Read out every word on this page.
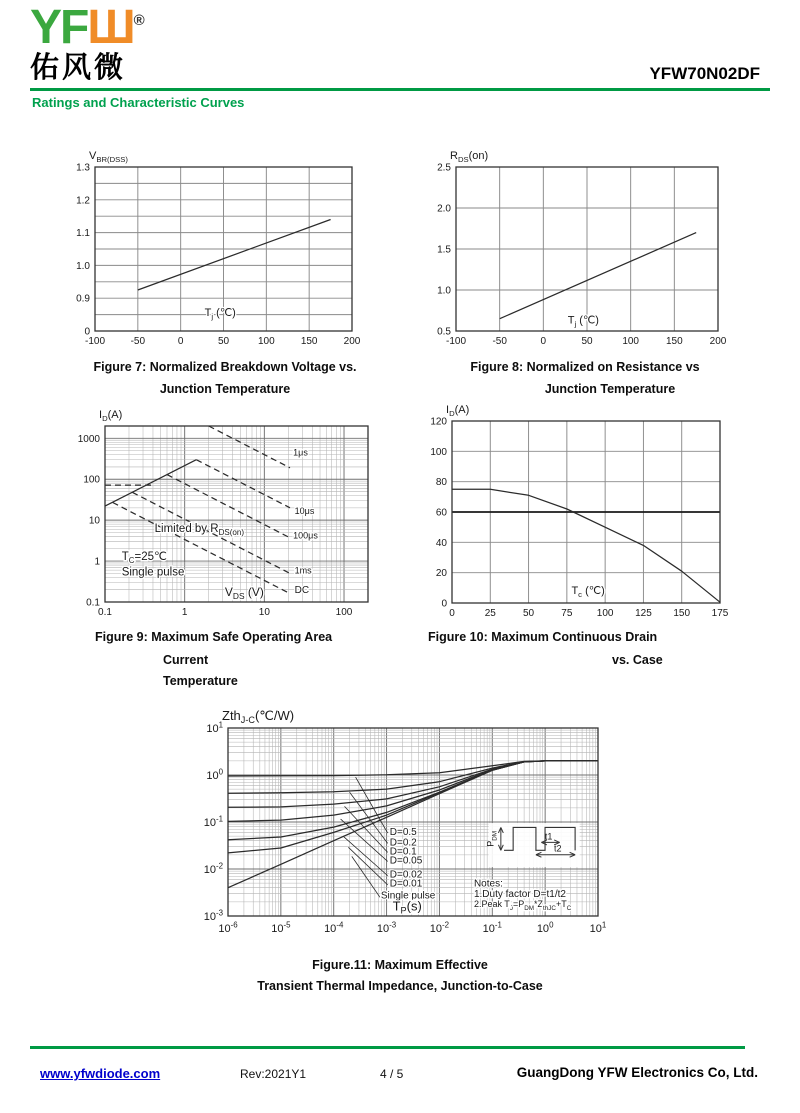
YFШ®
佑风微	YFW70N02DF
Ratings and Characteristic Curves
-100	-50	0	50	100	150	200
0
0.9
1.0
1.1
1.2
1.3
$V_{BR(DSS)}$
$T_j$ (℃)
Figure 7: Normalized Breakdown Voltage vs.
Junction Temperature
-100	-50	0	50	100	150	200
0.5
1.0
1.5
2.0
2.5
$R_{DS}(on)$
$T_j$ (℃)
Figure 8: Normalized on Resistance vs
Junction Temperature
0.1	1	10	100
0.1
1
10
100
1000
$I_D(A)$
1μs
10μs
100μs
1ms
DC
Limited by $R_{DS(on)}$
$T_C=25℃$
Single pulse
$V_{DS}$ (V)
Figure 9: Maximum Safe Operating Area
Current
Temperature
0	25	50	75 100 125 150 175
0
20
40
60
80
100
120
$I_D(A)$
$T_c$ (℃)
Figure 10: Maximum Continuous Drain
vs. Case
$10^{-6}$	$10^{-5}$	$10^{-4}$	$10^{-3}$	$10^{-2}$	$10^{-1}$	$10^0$	$10^1$
$10^{-3}$
$10^{-2}$
$10^{-1}$
$10^0$
$10^1$
Zth$_{J-C}$(℃/W)
D=0.5
D=0.2
D=0.1
D=0.05
D=0.02
D=0.01
Single pulse
$T_P(s)$
Notes:
1.Duty factor D=t1/t2
2.Peak $T_J=P_{DM}*Z_{thJC}+T_C$
$P_{DM}$	t1
t2
Figure.11: Maximum Effective
Transient Thermal Impedance, Junction-to-Case
www.yfwdiode.com	Rev:2021Y1	4 / 5	GuangDong YFW Electronics Co, Ltd.
